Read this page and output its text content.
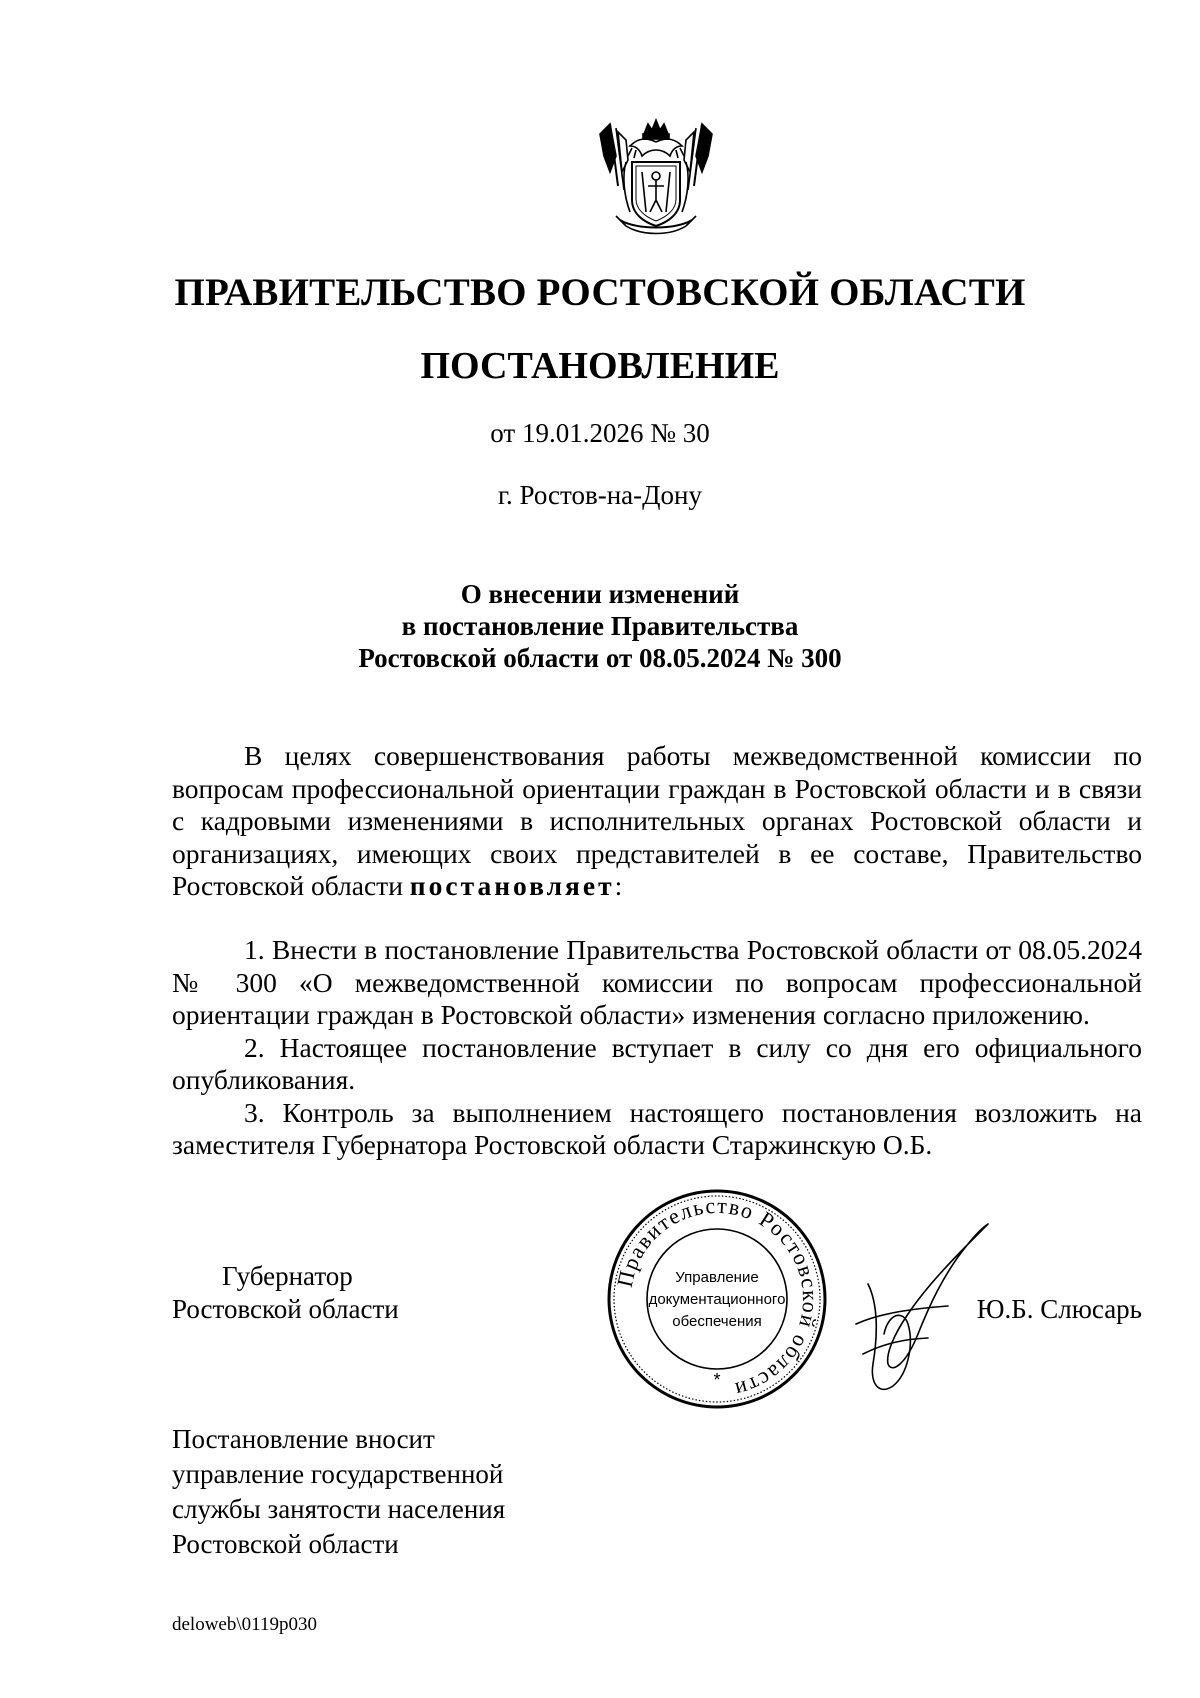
ПРАВИТЕЛЬСТВО РОСТОВСКОЙ ОБЛАСТИ
ПОСТАНОВЛЕНИЕ
от 19.01.2026 № 30
г. Ростов-на-Дону
О внесении изменений
в постановление Правительства
Ростовской области от 08.05.2024 № 300

В целях совершенствования работы межведомственной комиссии по вопросам профессиональной ориентации граждан в Ростовской области и в связи с кадровыми изменениями в исполнительных органах Ростовской области и организациях, имеющих своих представителей в ее составе, Правительство Ростовской области постановляет:

1. Внести в постановление Правительства Ростовской области от 08.05.2024 № 300 «О межведомственной комиссии по вопросам профессиональной ориентации граждан в Ростовской области» изменения согласно приложению.

2. Настоящее постановление вступает в силу со дня его официального опубликования.

3. Контроль за выполнением настоящего постановления возложить на заместителя Губернатора Ростовской области Старжинскую О.Б.

Губернатор
Ростовской области
Правительство Ростовской области
Управление
документационного
обеспечения
*
Ю.Б. Слюсарь
Постановление вносит
управление государственной
службы занятости населения
Ростовской области
deloweb\0119p030
